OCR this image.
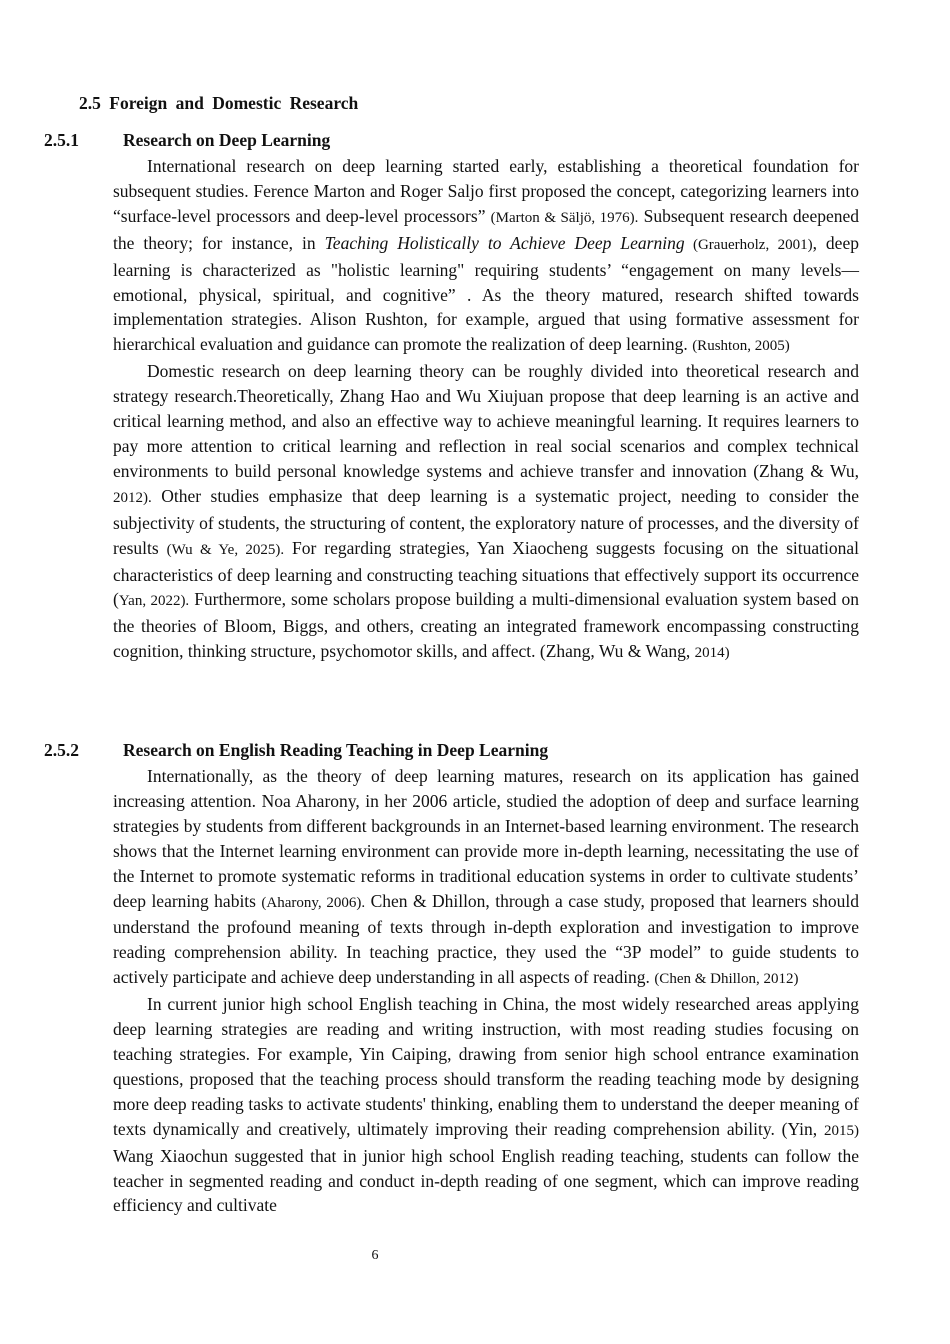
2.5 Foreign and Domestic Research
2.5.1	Research on Deep Learning

International research on deep learning started early, establishing a theoretical foundation for subsequent studies. Ference Marton and Roger Saljo first proposed the concept, categorizing learners into “surface-level processors and deep-level processors” (Marton & Säljö, 1976). Subsequent research deepened the theory; for instance, in Teaching Holistically to Achieve Deep Learning (Grauerholz, 2001), deep learning is characterized as "holistic learning" requiring students’ “engagement on many levels— emotional, physical, spiritual, and cognitive” . As the theory matured, research shifted towards implementation strategies. Alison Rushton, for example, argued that using formative assessment for hierarchical evaluation and guidance can promote the realization of deep learning. (Rushton, 2005)

Domestic research on deep learning theory can be roughly divided into theoretical research and strategy research.Theoretically, Zhang Hao and Wu Xiujuan propose that deep learning is an active and critical learning method, and also an effective way to achieve meaningful learning. It requires learners to pay more attention to critical learning and reflection in real social scenarios and complex technical environments to build personal knowledge systems and achieve transfer and innovation (Zhang & Wu, 2012). Other studies emphasize that deep learning is a systematic project, needing to consider the subjectivity of students, the structuring of content, the exploratory nature of processes, and the diversity of results (Wu & Ye, 2025). For regarding strategies, Yan Xiaocheng suggests focusing on the situational characteristics of deep learning and constructing teaching situations that effectively support its occurrence (Yan, 2022). Furthermore, some scholars propose building a multi-dimensional evaluation system based on the theories of Bloom, Biggs, and others, creating an integrated framework encompassing constructing cognition, thinking structure, psychomotor skills, and affect. (Zhang, Wu & Wang, 2014)

2.5.2	Research on English Reading Teaching in Deep Learning

Internationally, as the theory of deep learning matures, research on its application has gained increasing attention. Noa Aharony, in her 2006 article, studied the adoption of deep and surface learning strategies by students from different backgrounds in an Internet-based learning environment. The research shows that the Internet learning environment can provide more in-depth learning, necessitating the use of the Internet to promote systematic reforms in traditional education systems in order to cultivate students’ deep learning habits (Aharony, 2006). Chen & Dhillon, through a case study, proposed that learners should understand the profound meaning of texts through in-depth exploration and investigation to improve reading comprehension ability. In teaching practice, they used the “3P model” to guide students to actively participate and achieve deep understanding in all aspects of reading. (Chen & Dhillon, 2012)

In current junior high school English teaching in China, the most widely researched areas applying deep learning strategies are reading and writing instruction, with most reading studies focusing on teaching strategies. For example, Yin Caiping, drawing from senior high school entrance examination questions, proposed that the teaching process should transform the reading teaching mode by designing more deep reading tasks to activate students' thinking, enabling them to understand the deeper meaning of texts dynamically and creatively, ultimately improving their reading comprehension ability. (Yin, 2015) Wang Xiaochun suggested that in junior high school English reading teaching, students can follow the teacher in segmented reading and conduct in-depth reading of one segment, which can improve reading efficiency and cultivate

6
